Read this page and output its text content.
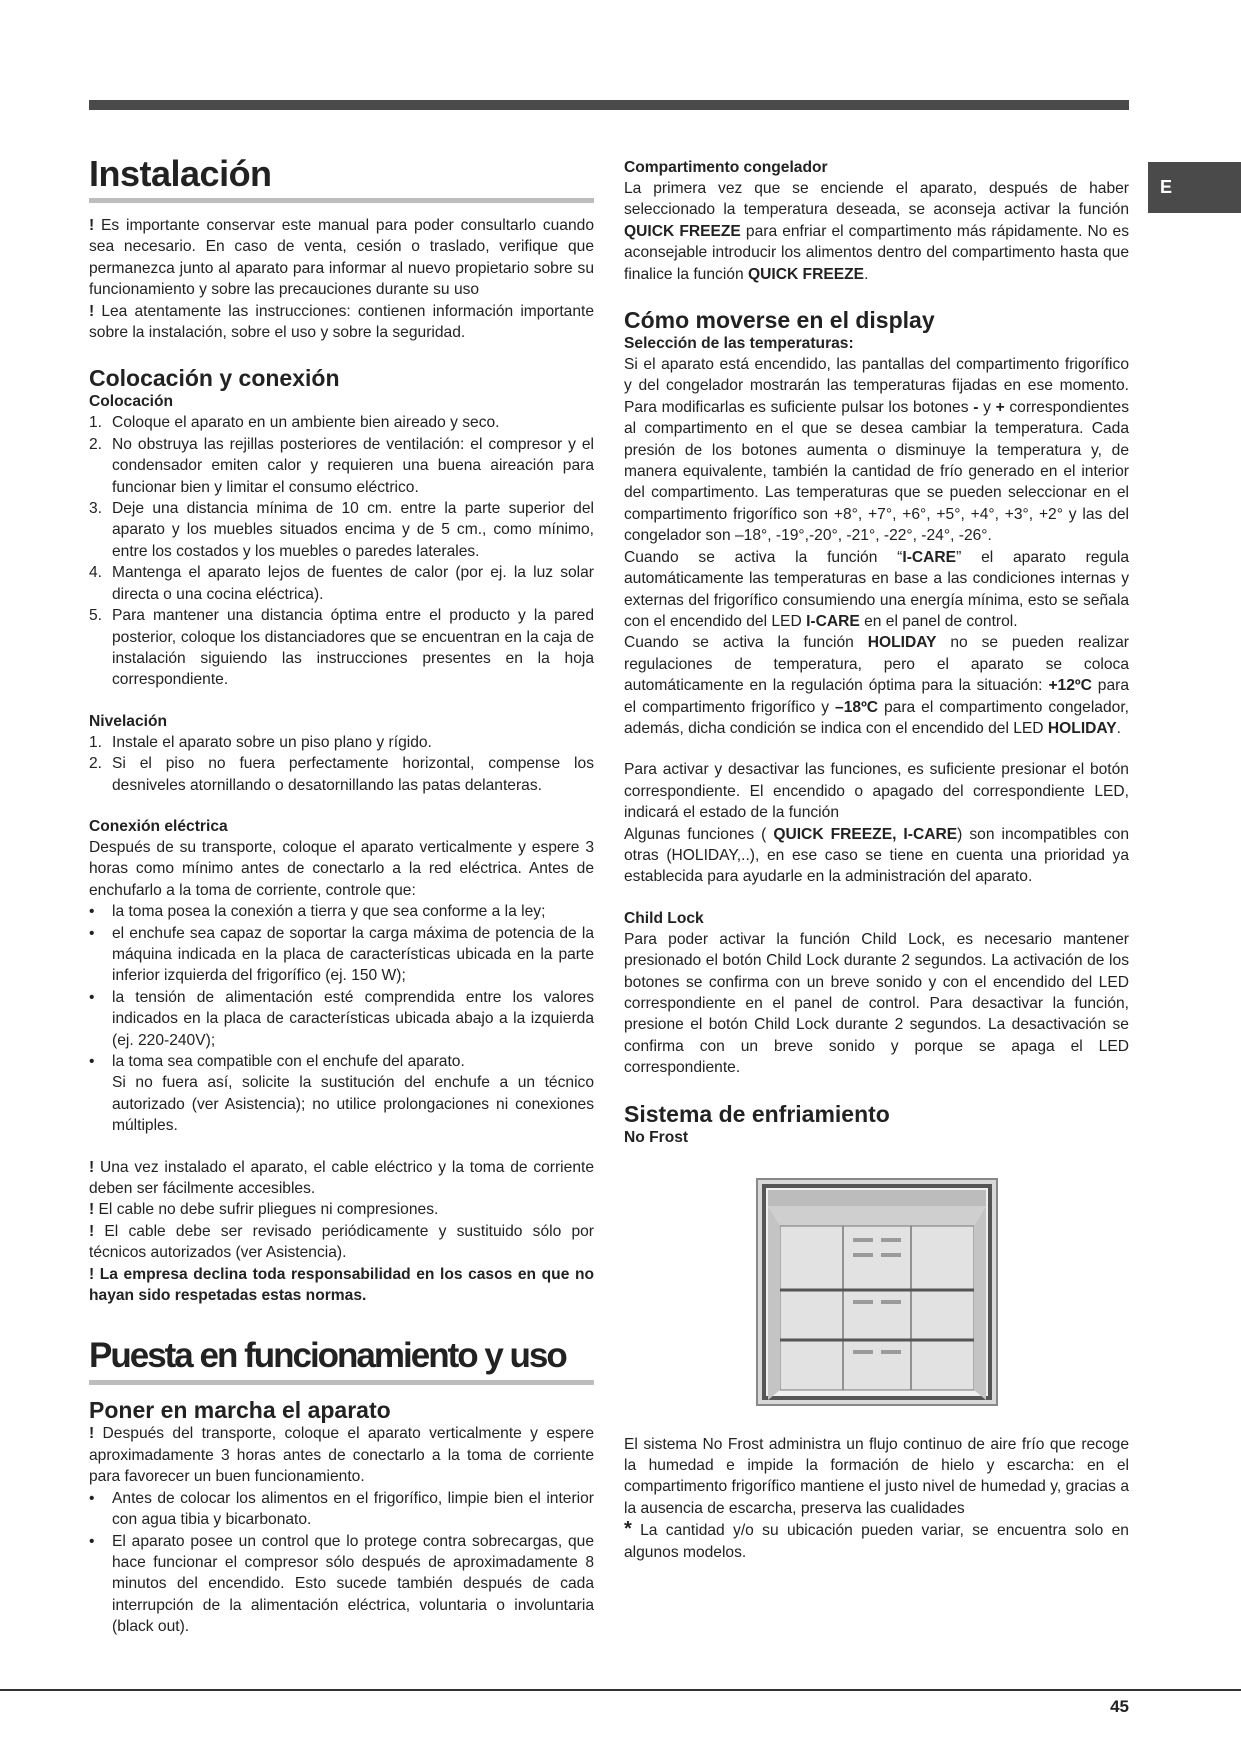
E
Instalación

! Es importante conservar este manual para poder consultarlo cuando sea necesario. En caso de venta, cesión o traslado, verifique que permanezca junto al aparato para informar al nuevo propietario sobre su funcionamiento y sobre las precauciones durante su uso

! Lea atentamente las instrucciones: contienen información importante sobre la instalación, sobre el uso y sobre la seguridad.

Colocación y conexión
Colocación
1. Coloque el aparato en un ambiente bien aireado y seco.
2. No obstruya las rejillas posteriores de ventilación: el compresor y el condensador emiten calor y requieren una buena aireación para funcionar bien y limitar el consumo eléctrico.
3. Deje una distancia mínima de 10 cm. entre la parte superior del aparato y los muebles situados encima y de 5 cm., como mínimo, entre los costados y los muebles o paredes laterales.
4. Mantenga el aparato lejos de fuentes de calor (por ej. la luz solar directa o una cocina eléctrica).
5. Para mantener una distancia óptima entre el producto y la pared posterior, coloque los distanciadores que se encuentran en la caja de instalación siguiendo las instrucciones presentes en la hoja correspondiente.
Nivelación
1. Instale el aparato sobre un piso plano y rígido.
2. Si el piso no fuera perfectamente horizontal, compense los desniveles atornillando o desatornillando las patas delanteras.
Conexión eléctrica

Después de su transporte, coloque el aparato verticalmente y espere 3 horas como mínimo antes de conectarlo a la red eléctrica. Antes de enchufarlo a la toma de corriente, controle que:

• la toma posea la conexión a tierra y que sea conforme a la ley;
• el enchufe sea capaz de soportar la carga máxima de potencia de la máquina indicada en la placa de características ubicada en la parte inferior izquierda del frigorífico (ej. 150 W);
• la tensión de alimentación esté comprendida entre los valores indicados en la placa de características ubicada abajo a la izquierda (ej. 220-240V);
• la toma sea compatible con el enchufe del aparato.
Si no fuera así, solicite la sustitución del enchufe a un técnico autorizado (ver Asistencia); no utilice prolongaciones ni conexiones múltiples.

! Una vez instalado el aparato, el cable eléctrico y la toma de corriente deben ser fácilmente accesibles.

! El cable no debe sufrir pliegues ni compresiones.

! El cable debe ser revisado periódicamente y sustituido sólo por técnicos autorizados (ver Asistencia).

! La empresa declina toda responsabilidad en los casos en que no hayan sido respetadas estas normas.

Puesta en funcionamiento y uso
Poner en marcha el aparato

! Después del transporte, coloque el aparato verticalmente y espere aproximadamente 3 horas antes de conectarlo a la toma de corriente para favorecer un buen funcionamiento.

• Antes de colocar los alimentos en el frigorífico, limpie bien el interior con agua tibia y bicarbonato.
• El aparato posee un control que lo protege contra sobrecargas, que hace funcionar el compresor sólo después de aproximadamente 8 minutos del encendido. Esto sucede también después de cada interrupción de la alimentación eléctrica, voluntaria o involuntaria (black out).
Compartimento congelador

La primera vez que se enciende el aparato, después de haber seleccionado la temperatura deseada, se aconseja activar la función QUICK FREEZE para enfriar el compartimento más rápidamente. No es aconsejable introducir los alimentos dentro del compartimento hasta que finalice la función QUICK FREEZE.

Cómo moverse en el display
Selección de las temperaturas:

Si el aparato está encendido, las pantallas del compartimento frigorífico y del congelador mostrarán las temperaturas fijadas en ese momento. Para modificarlas es suficiente pulsar los botones - y + correspondientes al compartimento en el que se desea cambiar la temperatura. Cada presión de los botones aumenta o disminuye la temperatura y, de manera equivalente, también la cantidad de frío generado en el interior del compartimento. Las temperaturas que se pueden seleccionar en el compartimento frigorífico son +8°, +7°, +6°, +5°, +4°, +3°, +2° y las del congelador son –18°, -19°,-20°, -21°, -22°, -24°, -26°.

Cuando se activa la función “I-CARE” el aparato regula automáticamente las temperaturas en base a las condiciones internas y externas del frigorífico consumiendo una energía mínima, esto se señala con el encendido del LED I-CARE en el panel de control.

Cuando se activa la función HOLIDAY no se pueden realizar regulaciones de temperatura, pero el aparato se coloca automáticamente en la regulación óptima para la situación: +12ºC para el compartimento frigorífico y –18ºC para el compartimento congelador, además, dicha condición se indica con el encendido del LED HOLIDAY.

Para activar y desactivar las funciones, es suficiente presionar el botón correspondiente. El encendido o apagado del correspondiente LED, indicará el estado de la función

Algunas funciones ( QUICK FREEZE, I-CARE) son incompatibles con otras (HOLIDAY,..), en ese caso se tiene en cuenta una prioridad ya establecida para ayudarle en la administración del aparato.

Child Lock

Para poder activar la función Child Lock, es necesario mantener presionado el botón Child Lock durante 2 segundos. La activación de los botones se confirma con un breve sonido y con el encendido del LED correspondiente en el panel de control. Para desactivar la función, presione el botón Child Lock durante 2 segundos. La desactivación se confirma con un breve sonido y porque se apaga el LED correspondiente.

Sistema de enfriamiento
No Frost

El sistema No Frost administra un flujo continuo de aire frío que recoge la humedad e impide la formación de hielo y escarcha: en el compartimento frigorífico mantiene el justo nivel de humedad y, gracias a la ausencia de escarcha, preserva las cualidades

* La cantidad y/o su ubicación pueden variar, se encuentra solo en algunos modelos.

45
